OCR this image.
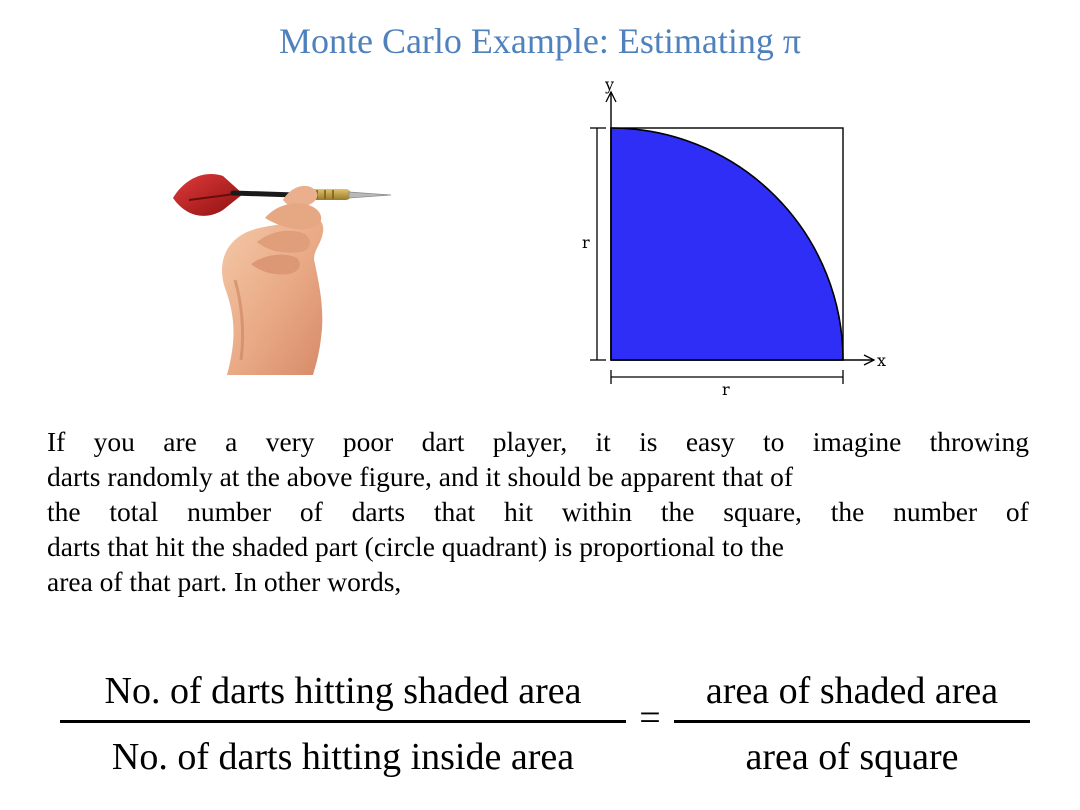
Monte Carlo Example: Estimating π
y
x
r
r
If you are a very poor dart player, it is easy to imagine throwing
darts randomly at the above figure, and it should be apparent that of
the total number of darts that hit within the square, the number of
darts that hit the shaded part (circle quadrant) is proportional to the
area of that part. In other words,
No. of darts hitting shaded area
No. of darts hitting inside area
=
area of shaded area
area of square
